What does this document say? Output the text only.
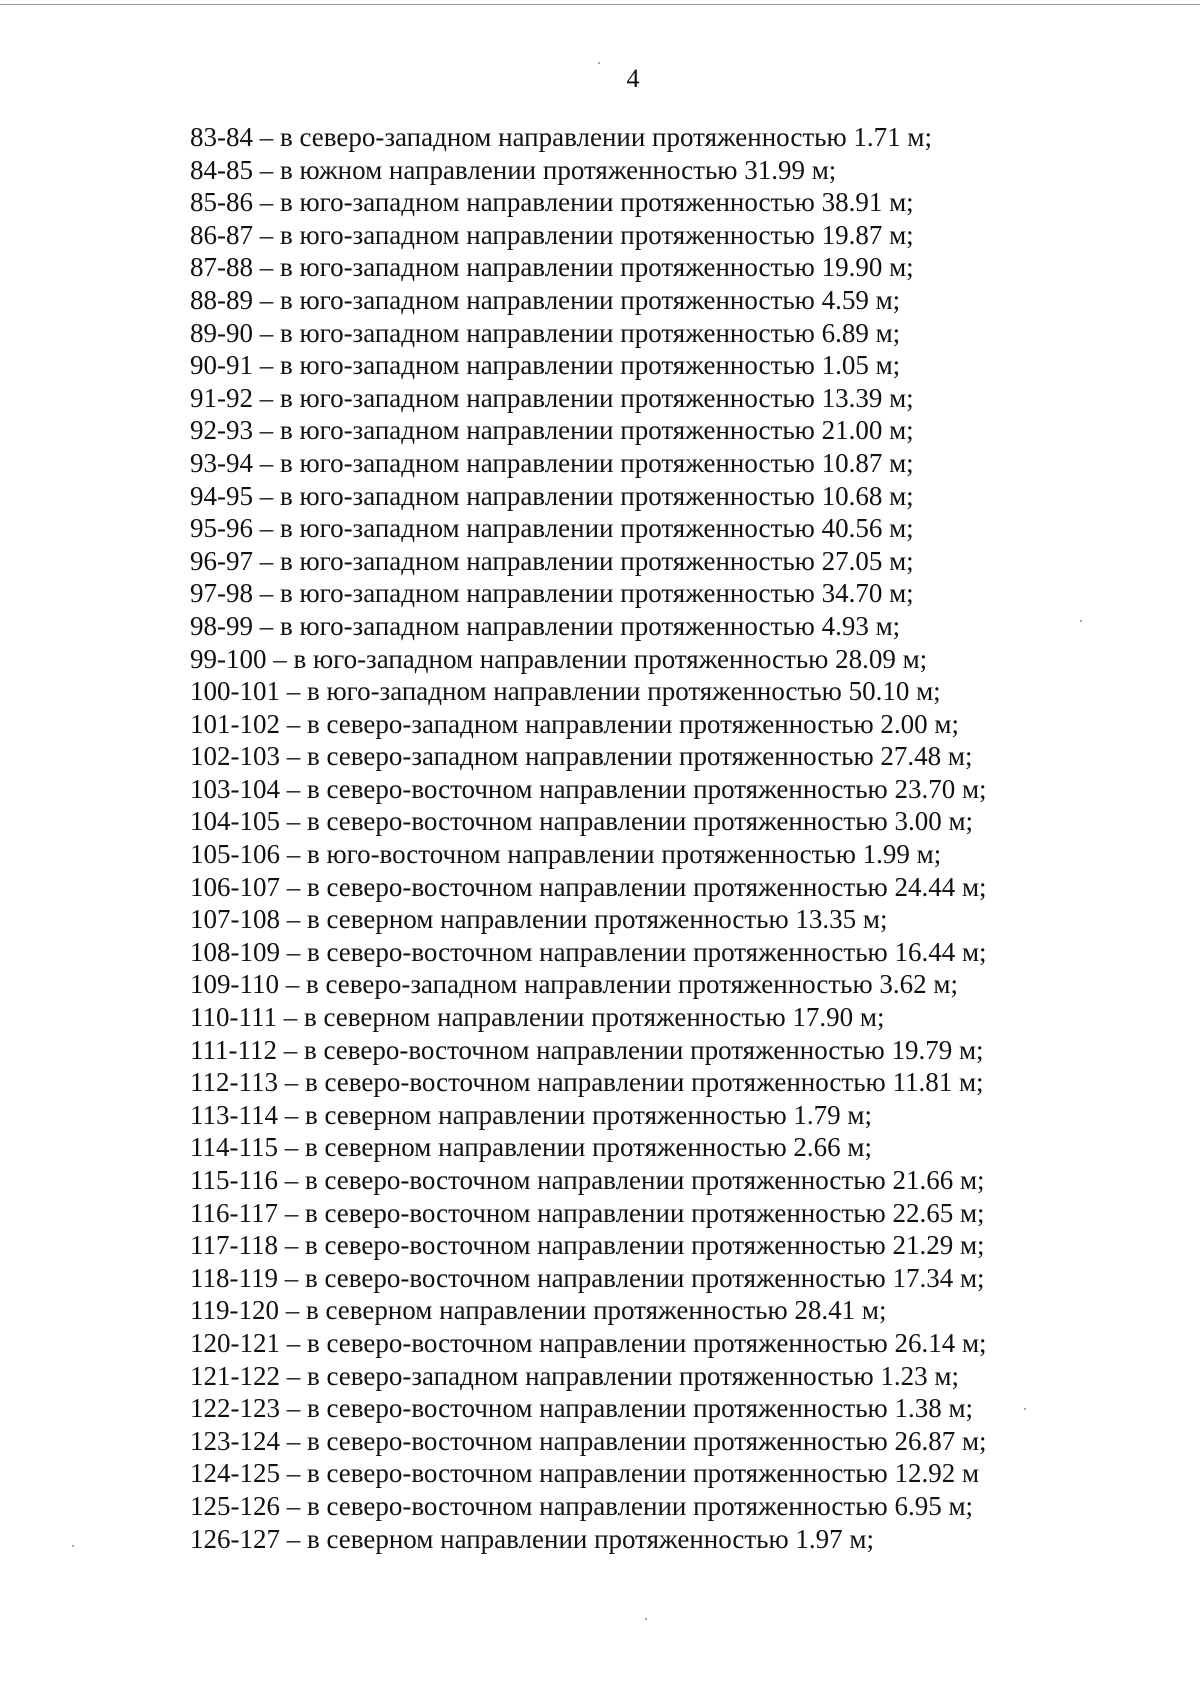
4
83-84 – в северо-западном направлении протяженностью 1.71 м;
84-85 – в южном направлении протяженностью 31.99 м;
85-86 – в юго-западном направлении протяженностью 38.91 м;
86-87 – в юго-западном направлении протяженностью 19.87 м;
87-88 – в юго-западном направлении протяженностью 19.90 м;
88-89 – в юго-западном направлении протяженностью 4.59 м;
89-90 – в юго-западном направлении протяженностью 6.89 м;
90-91 – в юго-западном направлении протяженностью 1.05 м;
91-92 – в юго-западном направлении протяженностью 13.39 м;
92-93 – в юго-западном направлении протяженностью 21.00 м;
93-94 – в юго-западном направлении протяженностью 10.87 м;
94-95 – в юго-западном направлении протяженностью 10.68 м;
95-96 – в юго-западном направлении протяженностью 40.56 м;
96-97 – в юго-западном направлении протяженностью 27.05 м;
97-98 – в юго-западном направлении протяженностью 34.70 м;
98-99 – в юго-западном направлении протяженностью 4.93 м;
99-100 – в юго-западном направлении протяженностью 28.09 м;
100-101 – в юго-западном направлении протяженностью 50.10 м;
101-102 – в северо-западном направлении протяженностью 2.00 м;
102-103 – в северо-западном направлении протяженностью 27.48 м;
103-104 – в северо-восточном направлении протяженностью 23.70 м;
104-105 – в северо-восточном направлении протяженностью 3.00 м;
105-106 – в юго-восточном направлении протяженностью 1.99 м;
106-107 – в северо-восточном направлении протяженностью 24.44 м;
107-108 – в северном направлении протяженностью 13.35 м;
108-109 – в северо-восточном направлении протяженностью 16.44 м;
109-110 – в северо-западном направлении протяженностью 3.62 м;
110-111 – в северном направлении протяженностью 17.90 м;
111-112 – в северо-восточном направлении протяженностью 19.79 м;
112-113 – в северо-восточном направлении протяженностью 11.81 м;
113-114 – в северном направлении протяженностью 1.79 м;
114-115 – в северном направлении протяженностью 2.66 м;
115-116 – в северо-восточном направлении протяженностью 21.66 м;
116-117 – в северо-восточном направлении протяженностью 22.65 м;
117-118 – в северо-восточном направлении протяженностью 21.29 м;
118-119 – в северо-восточном направлении протяженностью 17.34 м;
119-120 – в северном направлении протяженностью 28.41 м;
120-121 – в северо-восточном направлении протяженностью 26.14 м;
121-122 – в северо-западном направлении протяженностью 1.23 м;
122-123 – в северо-восточном направлении протяженностью 1.38 м;
123-124 – в северо-восточном направлении протяженностью 26.87 м;
124-125 – в северо-восточном направлении протяженностью 12.92 м
125-126 – в северо-восточном направлении протяженностью 6.95 м;
126-127 – в северном направлении протяженностью 1.97 м;
